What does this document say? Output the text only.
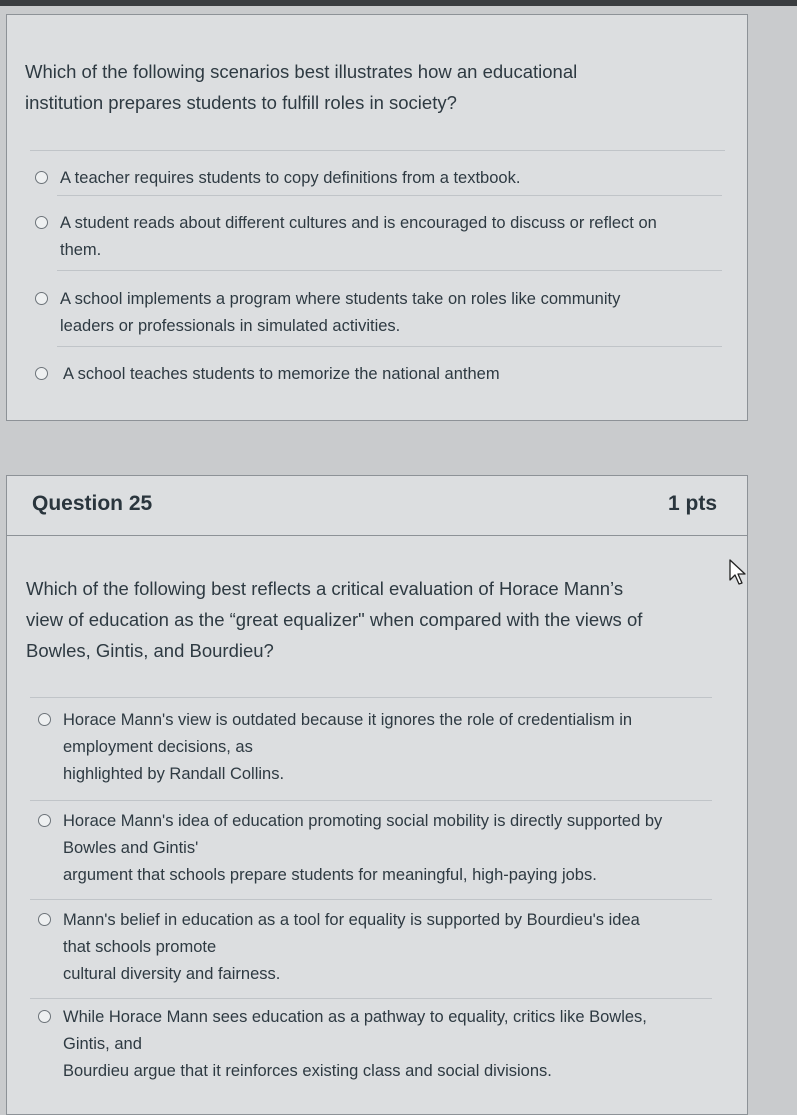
Which of the following scenarios best illustrates how an educational
institution prepares students to fulfill roles in society?
A teacher requires students to copy definitions from a textbook.
A student reads about different cultures and is encouraged to discuss or reflect on
them.
A school implements a program where students take on roles like community
leaders or professionals in simulated activities.
A school teaches students to memorize the national anthem
Question 25	1 pts
Which of the following best reflects a critical evaluation of Horace Mann’s
view of education as the “great equalizer" when compared with the views of
Bowles, Gintis, and Bourdieu?
Horace Mann's view is outdated because it ignores the role of credentialism in
employment decisions, as
highlighted by Randall Collins.
Horace Mann's idea of education promoting social mobility is directly supported by
Bowles and Gintis'
argument that schools prepare students for meaningful, high-paying jobs.
Mann's belief in education as a tool for equality is supported by Bourdieu's idea
that schools promote
cultural diversity and fairness.
While Horace Mann sees education as a pathway to equality, critics like Bowles,
Gintis, and
Bourdieu argue that it reinforces existing class and social divisions.
